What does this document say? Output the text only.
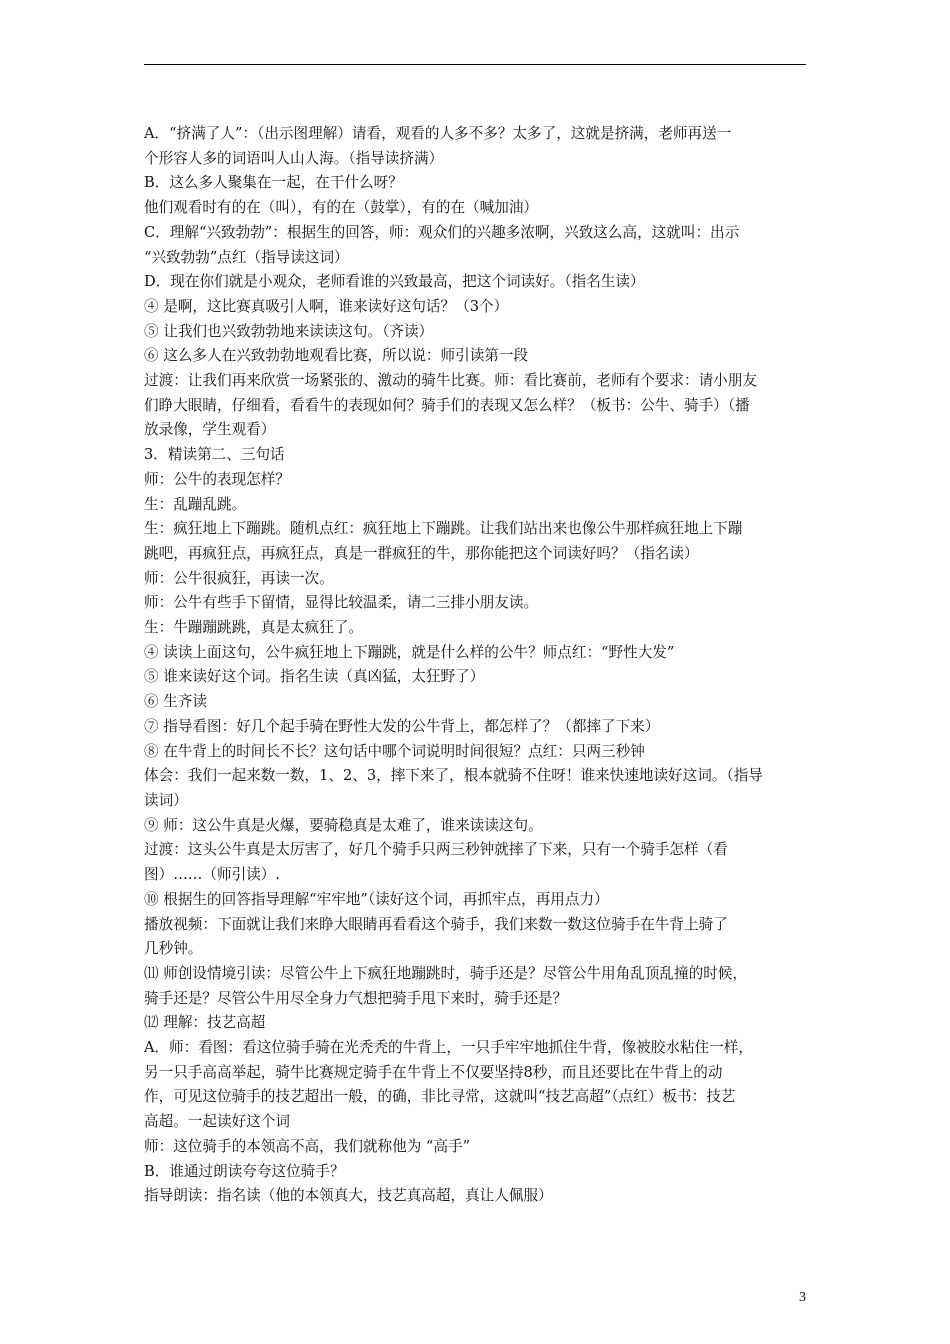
A．“挤满了人”：（出示图理解）请看，观看的人多不多？太多了，这就是挤满，老师再送一

个形容人多的词语叫人山人海。（指导读挤满）

B．这么多人聚集在一起，在干什么呀？

他们观看时有的在（叫），有的在（鼓掌），有的在（喊加油）

C．理解“兴致勃勃”：根据生的回答，师：观众们的兴趣多浓啊，兴致这么高，这就叫：出示

“兴致勃勃”点红（指导读这词）

D．现在你们就是小观众，老师看谁的兴致最高，把这个词读好。（指名生读）

④ 是啊，这比赛真吸引人啊，谁来读好这句话？（3个）

⑤ 让我们也兴致勃勃地来读读这句。（齐读）

⑥ 这么多人在兴致勃勃地观看比赛，所以说：师引读第一段

过渡：让我们再来欣赏一场紧张的、激动的骑牛比赛。师：看比赛前，老师有个要求：请小朋友

们睁大眼睛，仔细看，看看牛的表现如何？骑手们的表现又怎么样？（板书：公牛、骑手）（播

放录像，学生观看）

3．精读第二、三句话

师：公牛的表现怎样？

生：乱蹦乱跳。

生：疯狂地上下蹦跳。随机点红：疯狂地上下蹦跳。让我们站出来也像公牛那样疯狂地上下蹦

跳吧，再疯狂点，再疯狂点，真是一群疯狂的牛，那你能把这个词读好吗？（指名读）

师：公牛很疯狂，再读一次。

师：公牛有些手下留情，显得比较温柔，请二三排小朋友读。

生：牛蹦蹦跳跳，真是太疯狂了。

④ 读读上面这句，公牛疯狂地上下蹦跳，就是什么样的公牛？师点红：“野性大发”

⑤ 谁来读好这个词。指名生读（真凶猛，太狂野了）

⑥ 生齐读

⑦ 指导看图：好几个起手骑在野性大发的公牛背上，都怎样了？（都摔了下来）

⑧ 在牛背上的时间长不长？这句话中哪个词说明时间很短？点红：只两三秒钟

体会：我们一起来数一数，1、2、3，摔下来了，根本就骑不住呀！谁来快速地读好这词。（指导

读词）

⑨ 师：这公牛真是火爆，要骑稳真是太难了，谁来读读这句。

过渡：这头公牛真是太厉害了，好几个骑手只两三秒钟就摔了下来，只有一个骑手怎样（看

图）……（师引读）.

⑩ 根据生的回答指导理解“牢牢地”（读好这个词，再抓牢点，再用点力）

播放视频：下面就让我们来睁大眼睛再看看这个骑手，我们来数一数这位骑手在牛背上骑了

几秒钟。

⑾ 师创设情境引读：尽管公牛上下疯狂地蹦跳时，骑手还是？尽管公牛用角乱顶乱撞的时候，

骑手还是？尽管公牛用尽全身力气想把骑手甩下来时，骑手还是？

⑿ 理解：技艺高超

A．师：看图：看这位骑手骑在光秃秃的牛背上，一只手牢牢地抓住牛背，像被胶水粘住一样，

另一只手高高举起，骑牛比赛规定骑手在牛背上不仅要坚持8秒，而且还要比在牛背上的动

作，可见这位骑手的技艺超出一般，的确，非比寻常，这就叫“技艺高超”（点红）板书：技艺

高超。一起读好这个词

师：这位骑手的本领高不高，我们就称他为 “高手”

B．谁通过朗读夸夸这位骑手？

指导朗读：指名读（他的本领真大，技艺真高超，真让人佩服）

3
